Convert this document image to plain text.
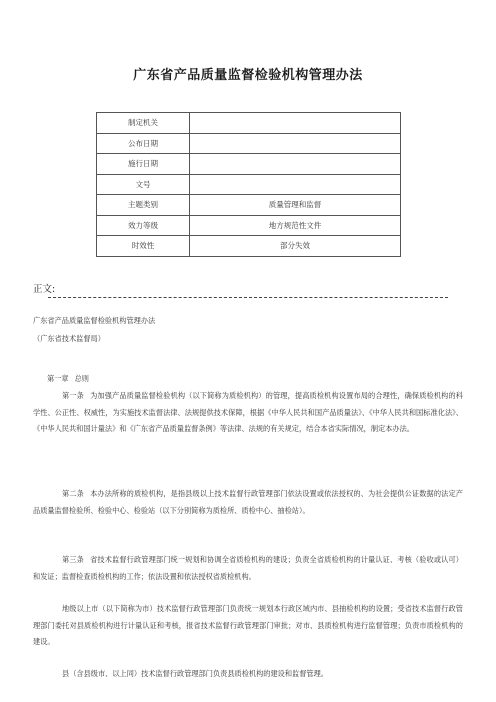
广东省产品质量监督检验机构管理办法
制定机关	
公布日期	
施行日期	
文号	
主题类别	质量管理和监督
效力等级	地方规范性文件
时效性	部分失效
正文:
广东省产品质量监督检验机构管理办法
（广东省技术监督局）
第一章 总则
第一条 为加强产品质量监督检验机构（以下简称为质检机构）的管理，提高质检机构设置布局的合理性，确保质检机构的科学性、公正性、权威性，为实施技术监督法律、法规提供技术保障，根据《中华人民共和国产品质量法》、《中华人民共和国标准化法》、《中华人民共和国计量法》和《广东省产品质量监督条例》等法律、法规的有关规定，结合本省实际情况，制定本办法。
第二条 本办法所称的质检机构，是指县级以上技术监督行政管理部门依法设置或依法授权的、为社会提供公证数据的法定产品质量监督检验所、检验中心、检验站（以下分别简称为质检所、质检中心、抽检站）。
第三条 省技术监督行政管理部门统一规划和协调全省质检机构的建设；负责全省质检机构的计量认证、考核（验收或认可）和发证；监督检查质检机构的工作；依法设置和依法授权省质检机构。
地级以上市（以下简称为市）技术监督行政管理部门负责统一规划本行政区域内市、县抽检机构的设置；受省技术监督行政管理部门委托对县质检机构进行计量认证和考核，报省技术监督行政管理部门审批；对市、县质检机构进行监督管理；负责市质检机构的建设。
县（含县级市、以上同）技术监督行政管理部门负责县质检机构的建设和监督管理。
